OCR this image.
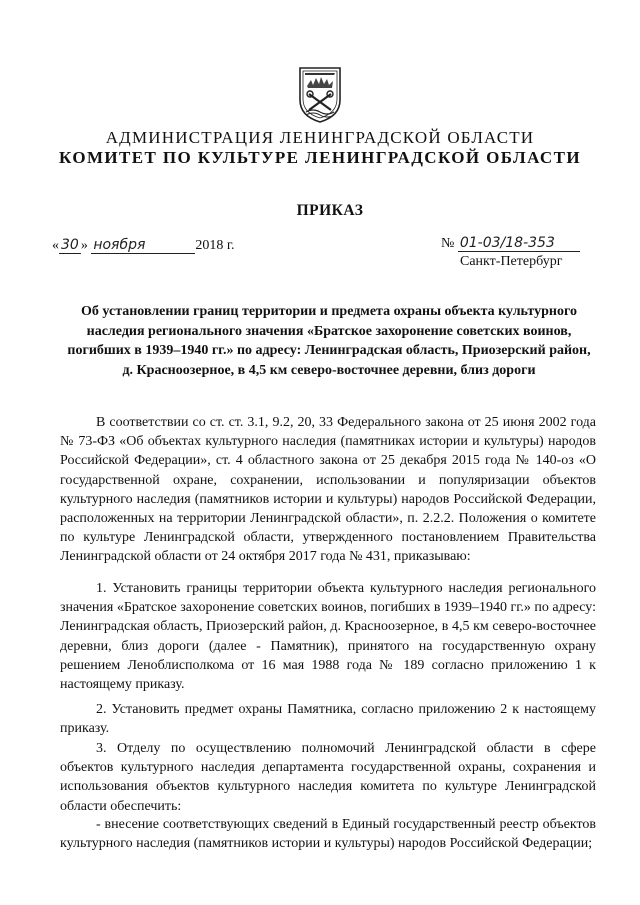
АДМИНИСТРАЦИЯ ЛЕНИНГРАДСКОЙ ОБЛАСТИ
КОМИТЕТ ПО КУЛЬТУРЕ ЛЕНИНГРАДСКОЙ ОБЛАСТИ
ПРИКАЗ
« 30 » ноября	2018 г.	№ 01-03/18-353
Санкт-Петербург
Об установлении границ территории и предмета охраны объекта культурного наследия регионального значения «Братское захоронение советских воинов, погибших в 1939–1940 гг.» по адресу: Ленинградская область, Приозерский район, д. Красноозерное, в 4,5 км северо-восточнее деревни, близ дороги
В соответствии со ст. ст. 3.1, 9.2, 20, 33 Федерального закона от 25 июня 2002 года № 73-ФЗ «Об объектах культурного наследия (памятниках истории и культуры) народов Российской Федерации», ст. 4 областного закона от 25 декабря 2015 года № 140-оз «О государственной охране, сохранении, использовании и популяризации объектов культурного наследия (памятников истории и культуры) народов Российской Федерации, расположенных на территории Ленинградской области», п. 2.2.2. Положения о комитете по культуре Ленинградской области, утвержденного постановлением Правительства Ленинградской области от 24 октября 2017 года № 431, приказываю:
1. Установить границы территории объекта культурного наследия регионального значения «Братское захоронение советских воинов, погибших в 1939–1940 гг.» по адресу: Ленинградская область, Приозерский район, д. Красноозерное, в 4,5 км северо-восточнее деревни, близ дороги (далее - Памятник), принятого на государственную охрану решением Леноблисполкома от 16 мая 1988 года № 189 согласно приложению 1 к настоящему приказу.
2. Установить предмет охраны Памятника, согласно приложению 2 к настоящему приказу.
3. Отделу по осуществлению полномочий Ленинградской области в сфере объектов культурного наследия департамента государственной охраны, сохранения и использования объектов культурного наследия комитета по культуре Ленинградской области обеспечить:
- внесение соответствующих сведений в Единый государственный реестр объектов культурного наследия (памятников истории и культуры) народов Российской Федерации;
